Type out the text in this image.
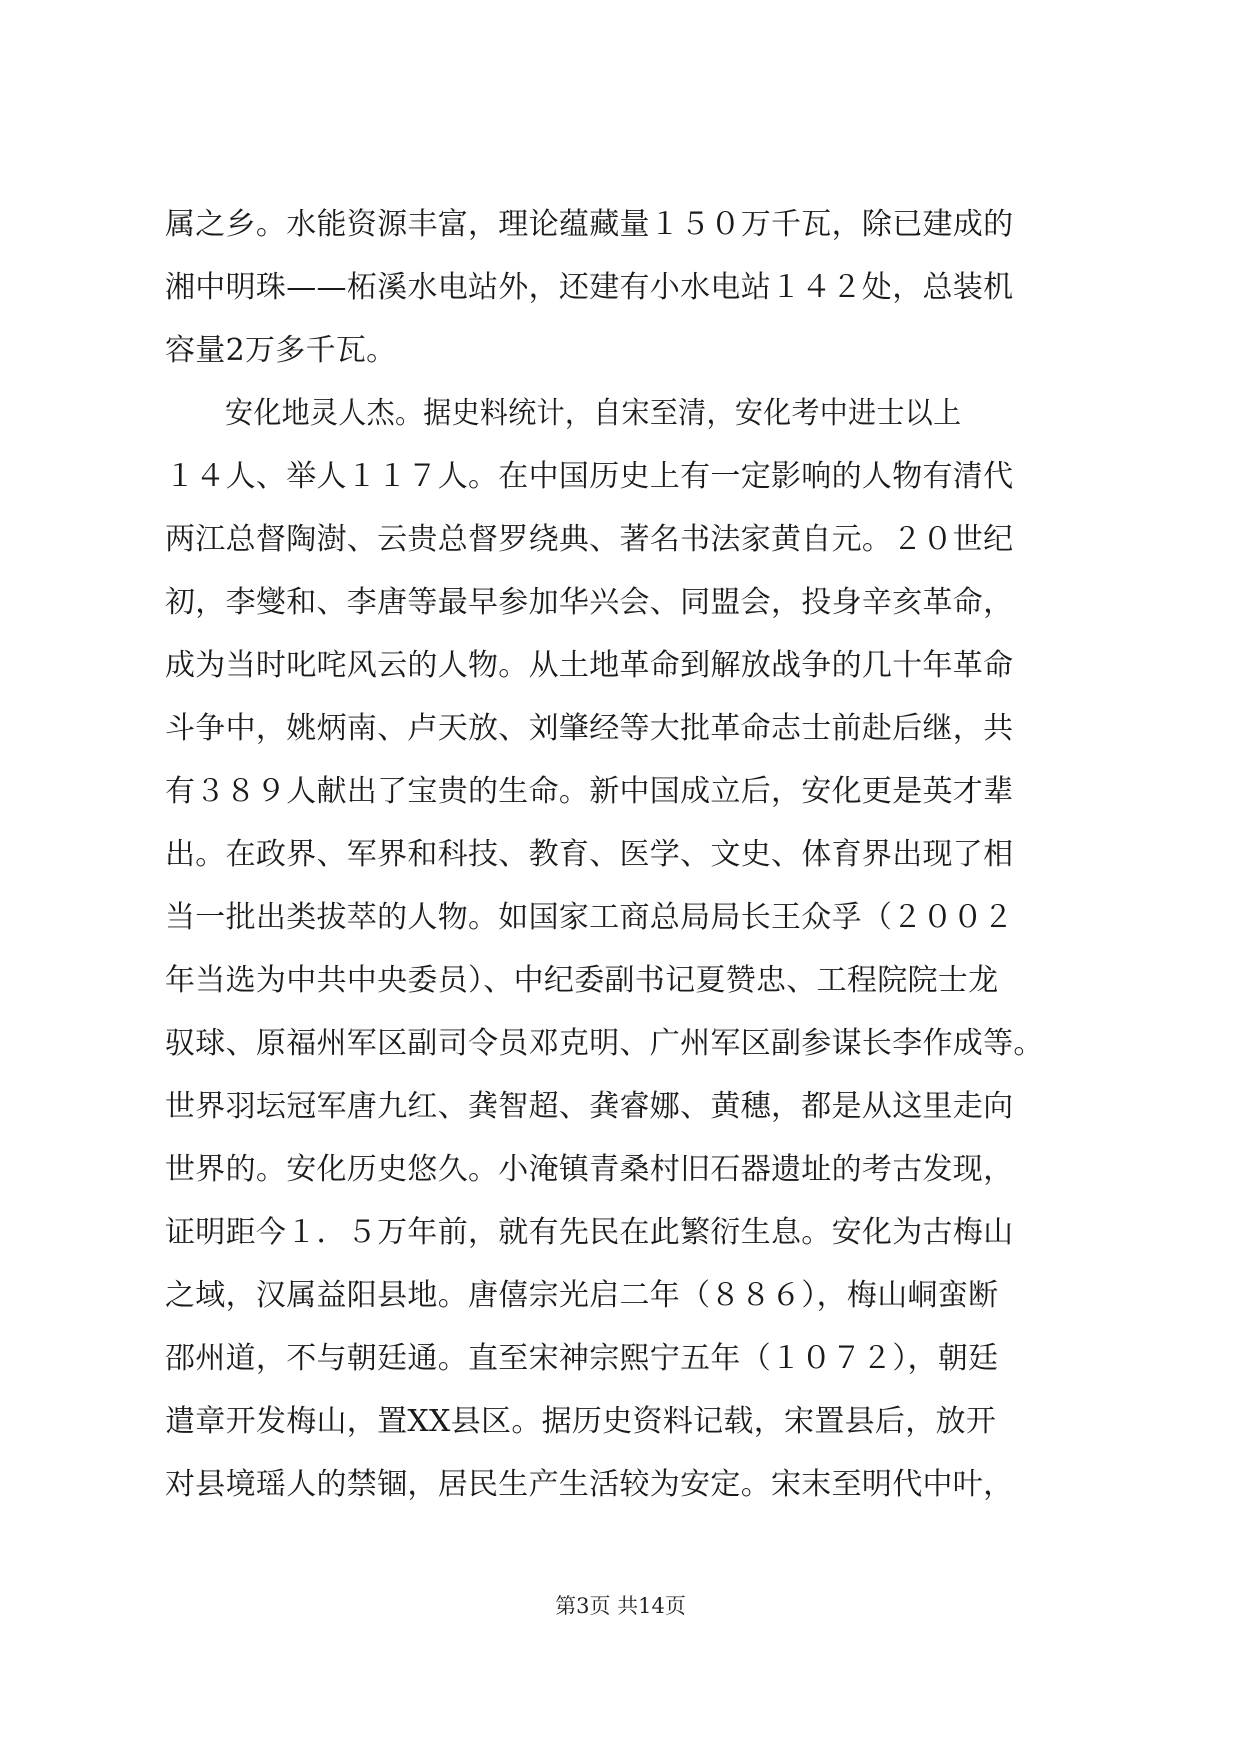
属之乡。水能资源丰富，理论蕴藏量１５０万千瓦，除已建成的
湘中明珠——柘溪水电站外，还建有小水电站１４２处，总装机
容量2万多千瓦。
安化地灵人杰。据史料统计，自宋至清，安化考中进士以上
１４人、举人１１７人。在中国历史上有一定影响的人物有清代
两江总督陶澍、云贵总督罗绕典、著名书法家黄自元。２０世纪
初，李燮和、李唐等最早参加华兴会、同盟会，投身辛亥革命，
成为当时叱咤风云的人物。从土地革命到解放战争的几十年革命
斗争中，姚炳南、卢天放、刘肇经等大批革命志士前赴后继，共
有３８９人献出了宝贵的生命。新中国成立后，安化更是英才辈
出。在政界、军界和科技、教育、医学、文史、体育界出现了相
当一批出类拔萃的人物。如国家工商总局局长王众孚（２００２
年当选为中共中央委员）、中纪委副书记夏赞忠、工程院院士龙
驭球、原福州军区副司令员邓克明、广州军区副参谋长李作成等。
世界羽坛冠军唐九红、龚智超、龚睿娜、黄穗，都是从这里走向
世界的。安化历史悠久。小淹镇青桑村旧石器遗址的考古发现，
证明距今１．５万年前，就有先民在此繁衍生息。安化为古梅山
之域，汉属益阳县地。唐僖宗光启二年（８８６），梅山峒蛮断
邵州道，不与朝廷通。直至宋神宗熙宁五年（１０７２），朝廷
遣章开发梅山，置XX县区。据历史资料记载，宋置县后，放开
对县境瑶人的禁锢，居民生产生活较为安定。宋末至明代中叶，
第3页 共14页
